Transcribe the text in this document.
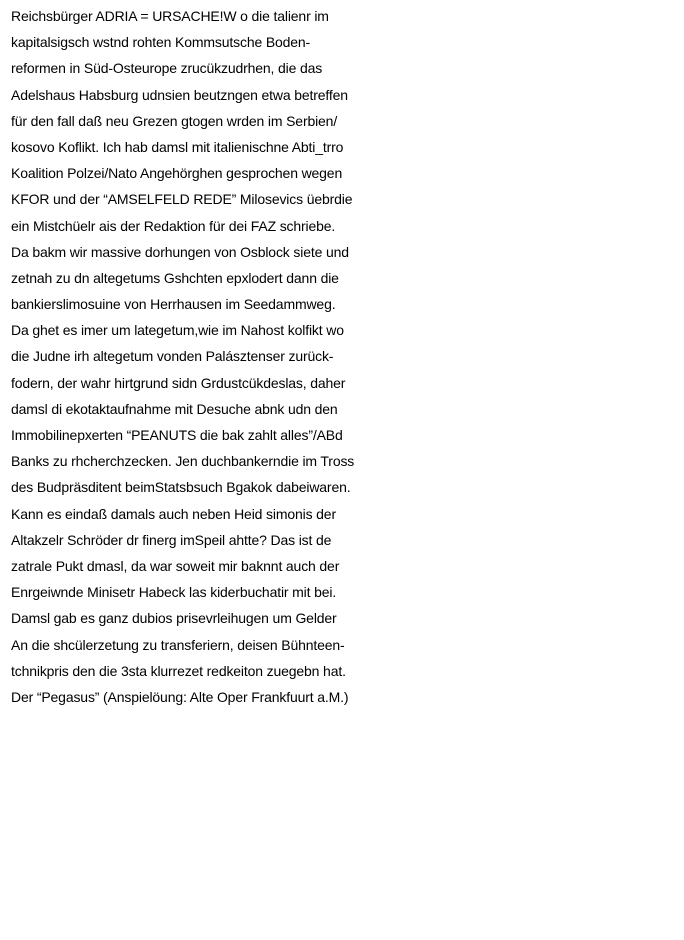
Reichsbürger ADRIA = URSACHE!W o die talienr im
kapitalsigsch wstnd rohten Kommsutsche Boden-
reformen in Süd-Osteurope zrucükzudrhen, die das
Adelshaus Habsburg udnsien beutzngen etwa betreffen
für den fall daß neu Grezen gtogen wrden im Serbien/
kosovo Koflikt. Ich hab damsl mit italienischne Abti_trro
Koalition Polzei/Nato Angehörghen gesprochen wegen
KFOR und der “AMSELFELD REDE” Milosevics üebrdie
ein Mistchüelr ais der Redaktion für dei FAZ schriebe.
Da bakm wir massive dorhungen von Osblock siete und
zetnah zu dn altegetums Gshchten epxlodert dann die
bankierslimosuine von Herrhausen im Seedammweg.
Da ghet es imer um lategetum,wie im Nahost kolfikt wo
die Judne irh altegetum vonden Palásztenser zurück-
fodern, der wahr hirtgrund sidn Grdustcükdeslas, daher
damsl di ekotaktaufnahme mit Desuche abnk udn den
Immobilinepxerten “PEANUTS die bak zahlt alles”/ABd
Banks zu rhcherchzecken. Jen duchbankerndie im Tross
des Budpräsditent beimStatsbsuch Bgakok dabeiwaren.
Kann es eindaß damals auch neben Heid simonis der
Altakzelr Schröder dr finerg imSpeil ahtte? Das ist de
zatrale Pukt dmasl, da war soweit mir baknnt auch der
Enrgeiwnde Minisetr Habeck las kiderbuchatir mit bei.
Damsl gab es ganz dubios prisevrleihugen um Gelder
An die shcülerzetung zu transferiern, deisen Bühnteen-
tchnikpris den die 3sta klurrezet redkeiton zuegebn hat.
Der “Pegasus” (Anspielöung: Alte Oper Frankfuurt a.M.)
